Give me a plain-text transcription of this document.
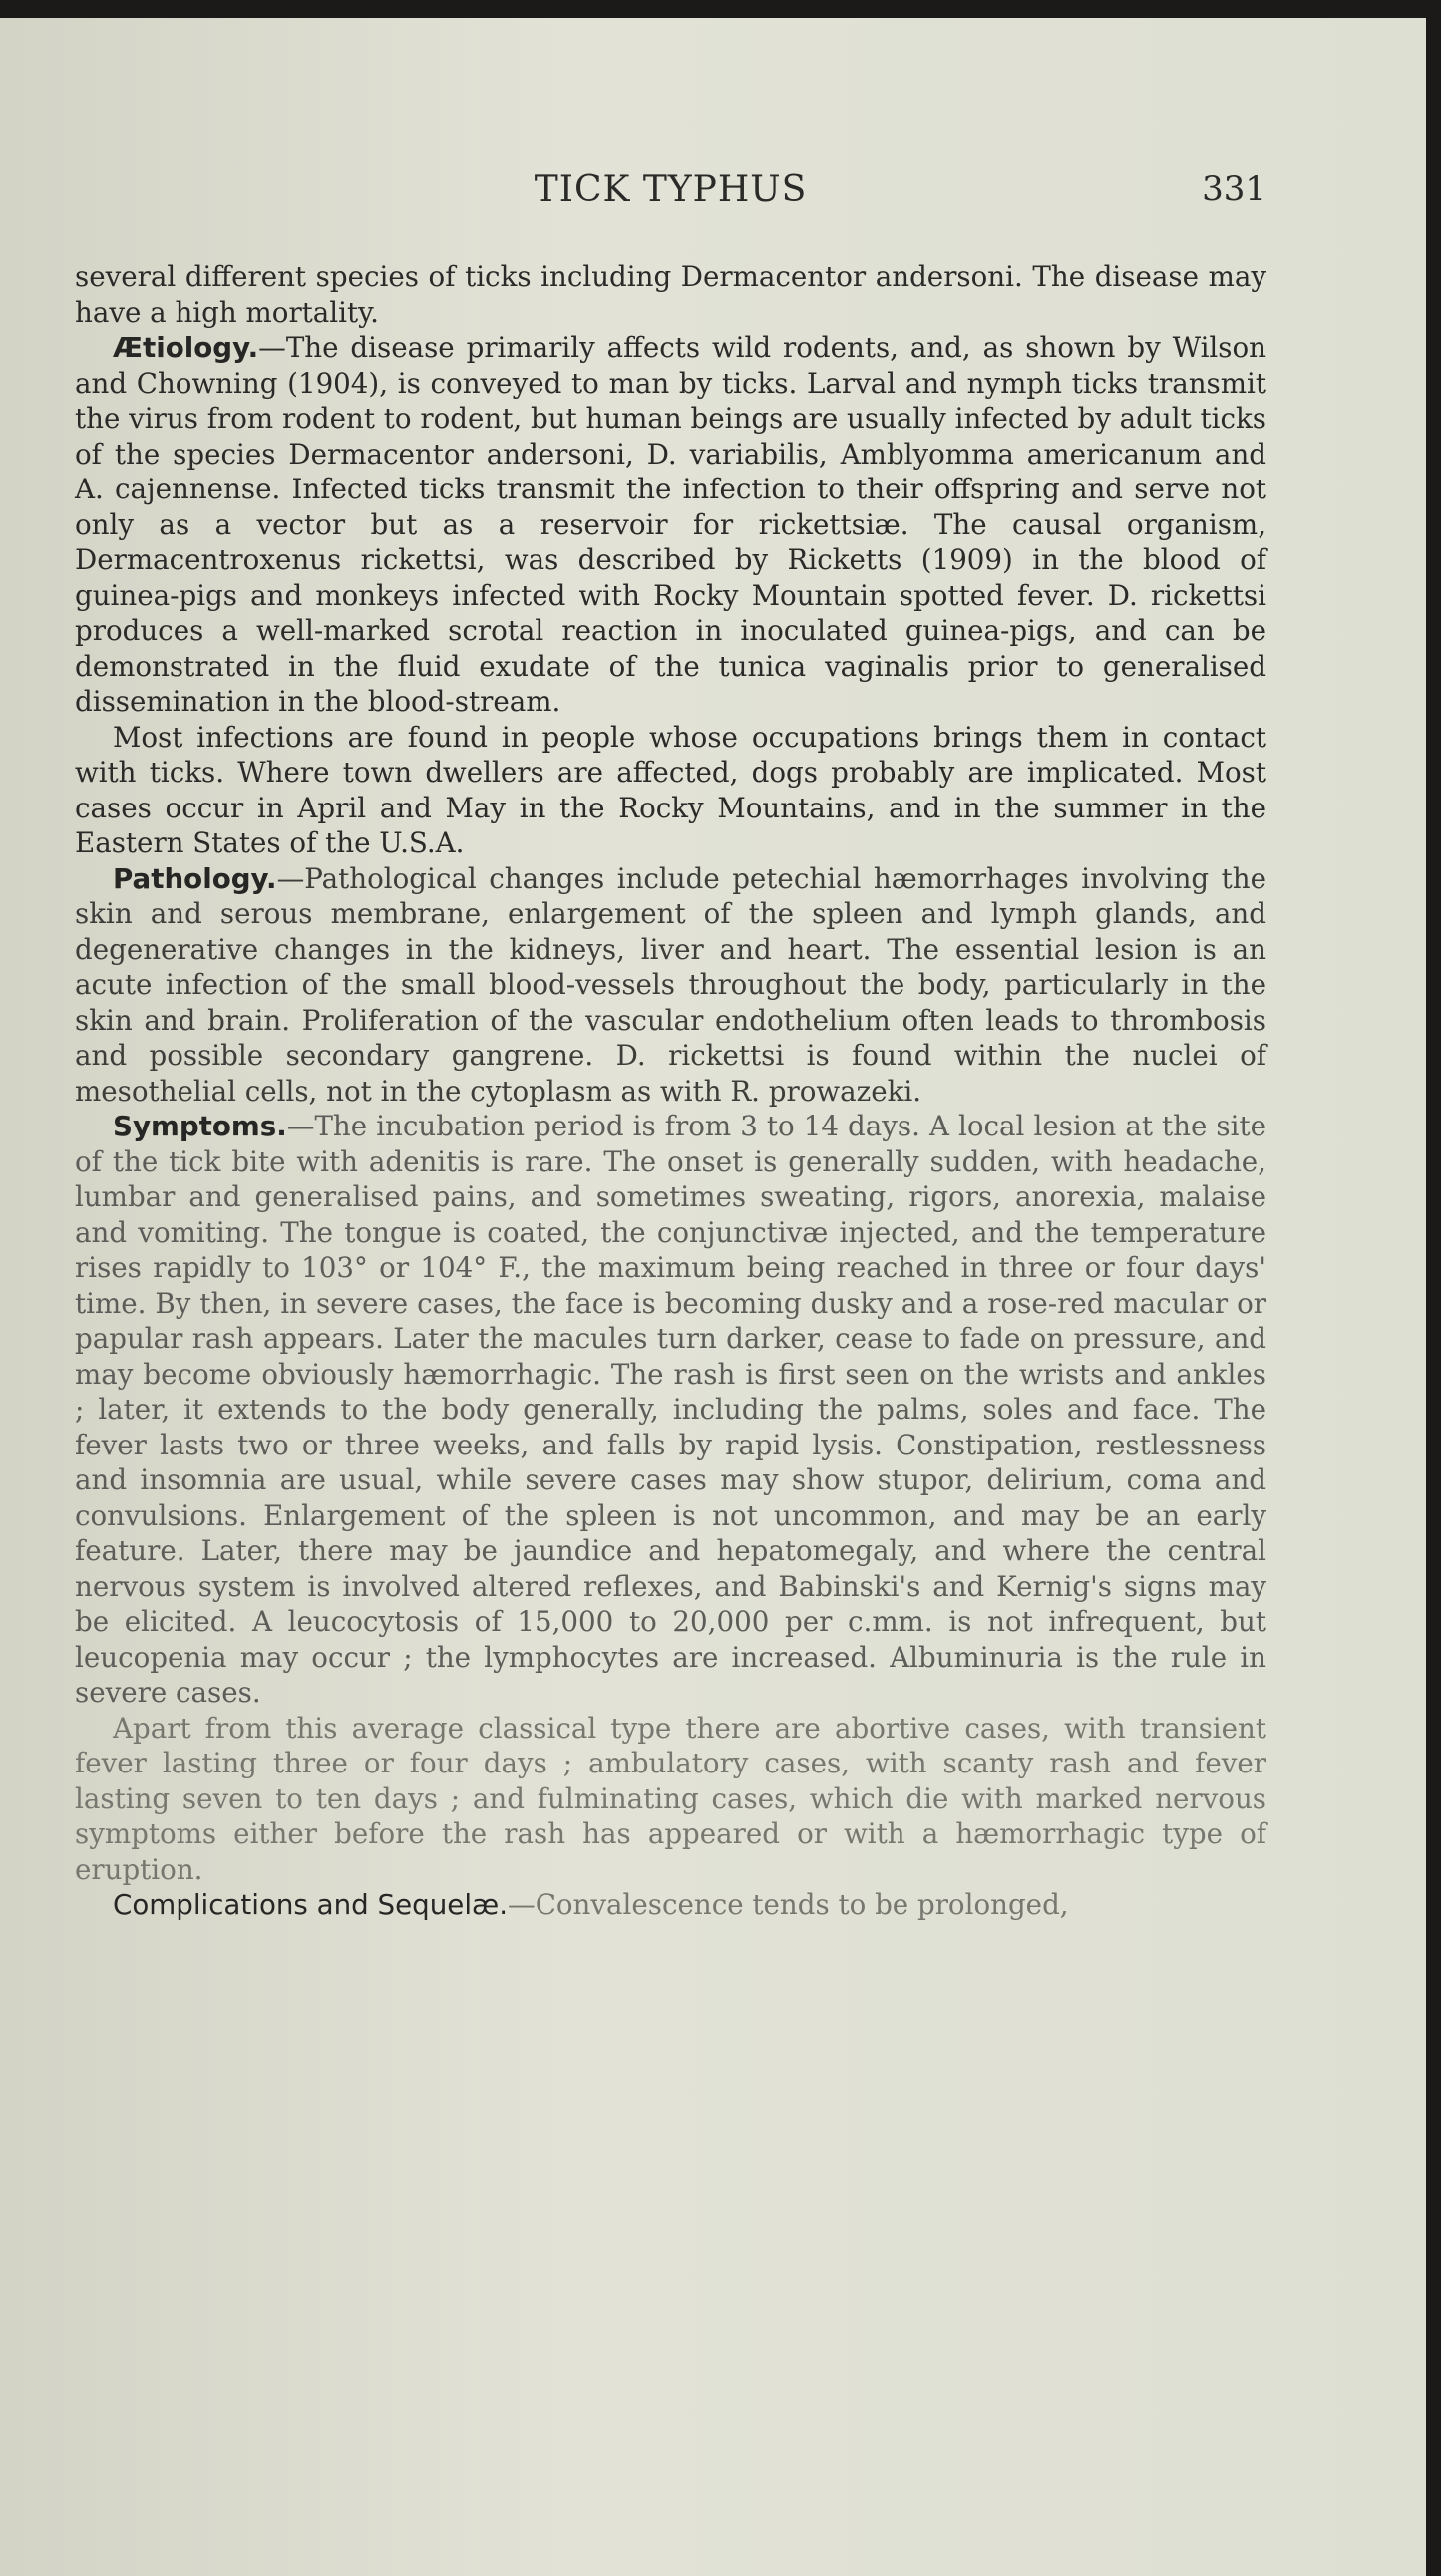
TICK TYPHUS	331

several different species of ticks including Dermacentor andersoni. The disease may have a high mortality.

Ætiology.—The disease primarily affects wild rodents, and, as shown by Wilson and Chowning (1904), is conveyed to man by ticks. Larval and nymph ticks transmit the virus from rodent to rodent, but human beings are usually infected by adult ticks of the species Dermacentor andersoni, D. variabilis, Amblyomma americanum and A. cajennense. Infected ticks transmit the infection to their offspring and serve not only as a vector but as a reservoir for rickettsiæ. The causal organism, Dermacentroxenus rickettsi, was described by Ricketts (1909) in the blood of guinea-pigs and monkeys infected with Rocky Mountain spotted fever. D. rickettsi produces a well-marked scrotal reaction in inoculated guinea-pigs, and can be demonstrated in the fluid exudate of the tunica vaginalis prior to generalised dissemination in the blood-stream.

Most infections are found in people whose occupations brings them in contact with ticks. Where town dwellers are affected, dogs probably are implicated. Most cases occur in April and May in the Rocky Mountains, and in the summer in the Eastern States of the U.S.A.

Pathology.—Pathological changes include petechial hæmorrhages involving the skin and serous membrane, enlargement of the spleen and lymph glands, and degenerative changes in the kidneys, liver and heart. The essential lesion is an acute infection of the small blood-vessels throughout the body, particularly in the skin and brain. Proliferation of the vascular endothelium often leads to thrombosis and possible secondary gangrene. D. rickettsi is found within the nuclei of mesothelial cells, not in the cytoplasm as with R. prowazeki.

Symptoms.—The incubation period is from 3 to 14 days. A local lesion at the site of the tick bite with adenitis is rare. The onset is generally sudden, with headache, lumbar and generalised pains, and sometimes sweating, rigors, anorexia, malaise and vomiting. The tongue is coated, the conjunctivæ injected, and the temperature rises rapidly to 103° or 104° F., the maximum being reached in three or four days' time. By then, in severe cases, the face is becoming dusky and a rose-red macular or papular rash appears. Later the macules turn darker, cease to fade on pressure, and may become obviously hæmorrhagic. The rash is first seen on the wrists and ankles ; later, it extends to the body generally, including the palms, soles and face. The fever lasts two or three weeks, and falls by rapid lysis. Constipation, restlessness and insomnia are usual, while severe cases may show stupor, delirium, coma and convulsions. Enlargement of the spleen is not uncommon, and may be an early feature. Later, there may be jaundice and hepatomegaly, and where the central nervous system is involved altered reflexes, and Babinski's and Kernig's signs may be elicited. A leucocytosis of 15,000 to 20,000 per c.mm. is not infrequent, but leucopenia may occur ; the lymphocytes are increased. Albuminuria is the rule in severe cases.

Apart from this average classical type there are abortive cases, with transient fever lasting three or four days ; ambulatory cases, with scanty rash and fever lasting seven to ten days ; and fulminating cases, which die with marked nervous symptoms either before the rash has appeared or with a hæmorrhagic type of eruption.

Complications and Sequelæ.—Convalescence tends to be prolonged,
